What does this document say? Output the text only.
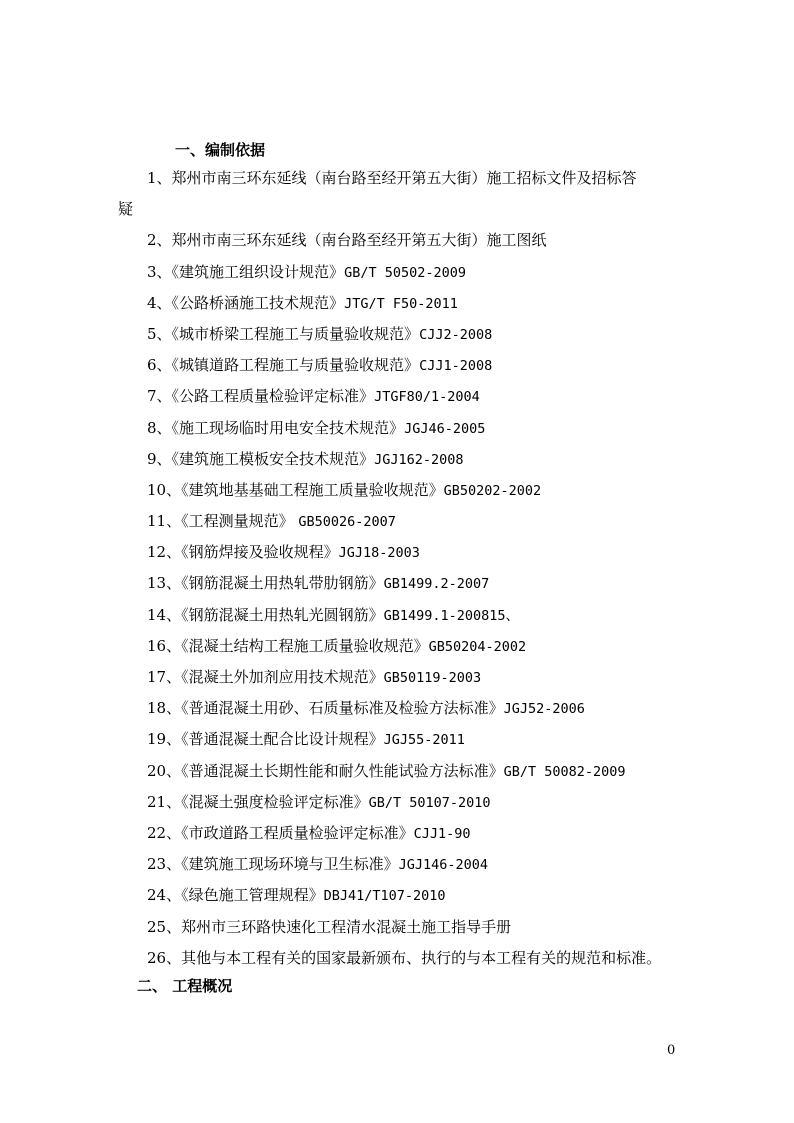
一、编制依据
1、郑州市南三环东延线（南台路至经开第五大街）施工招标文件及招标答
疑
2、郑州市南三环东延线（南台路至经开第五大街）施工图纸
3、《建筑施工组织设计规范》GB/T 50502-2009
4、《公路桥涵施工技术规范》JTG/T F50-2011
5、《城市桥梁工程施工与质量验收规范》CJJ2-2008
6、《城镇道路工程施工与质量验收规范》CJJ1-2008
7、《公路工程质量检验评定标准》JTGF80/1-2004
8、《施工现场临时用电安全技术规范》JGJ46-2005
9、《建筑施工模板安全技术规范》JGJ162-2008
10、《建筑地基基础工程施工质量验收规范》GB50202-2002
11、《工程测量规范》 GB50026-2007
12、《钢筋焊接及验收规程》JGJ18-2003
13、《钢筋混凝土用热轧带肋钢筋》GB1499.2-2007
14、《钢筋混凝土用热轧光圆钢筋》GB1499.1-200815、
16、《混凝土结构工程施工质量验收规范》GB50204-2002
17、《混凝土外加剂应用技术规范》GB50119-2003
18、《普通混凝土用砂、石质量标准及检验方法标准》JGJ52-2006
19、《普通混凝土配合比设计规程》JGJ55-2011
20、《普通混凝土长期性能和耐久性能试验方法标准》GB/T 50082-2009
21、《混凝土强度检验评定标准》GB/T 50107-2010
22、《市政道路工程质量检验评定标准》CJJ1-90
23、《建筑施工现场环境与卫生标准》JGJ146-2004
24、《绿色施工管理规程》DBJ41/T107-2010
25、郑州市三环路快速化工程清水混凝土施工指导手册
26、其他与本工程有关的国家最新颁布、执行的与本工程有关的规范和标准。
二、 工程概况
0
